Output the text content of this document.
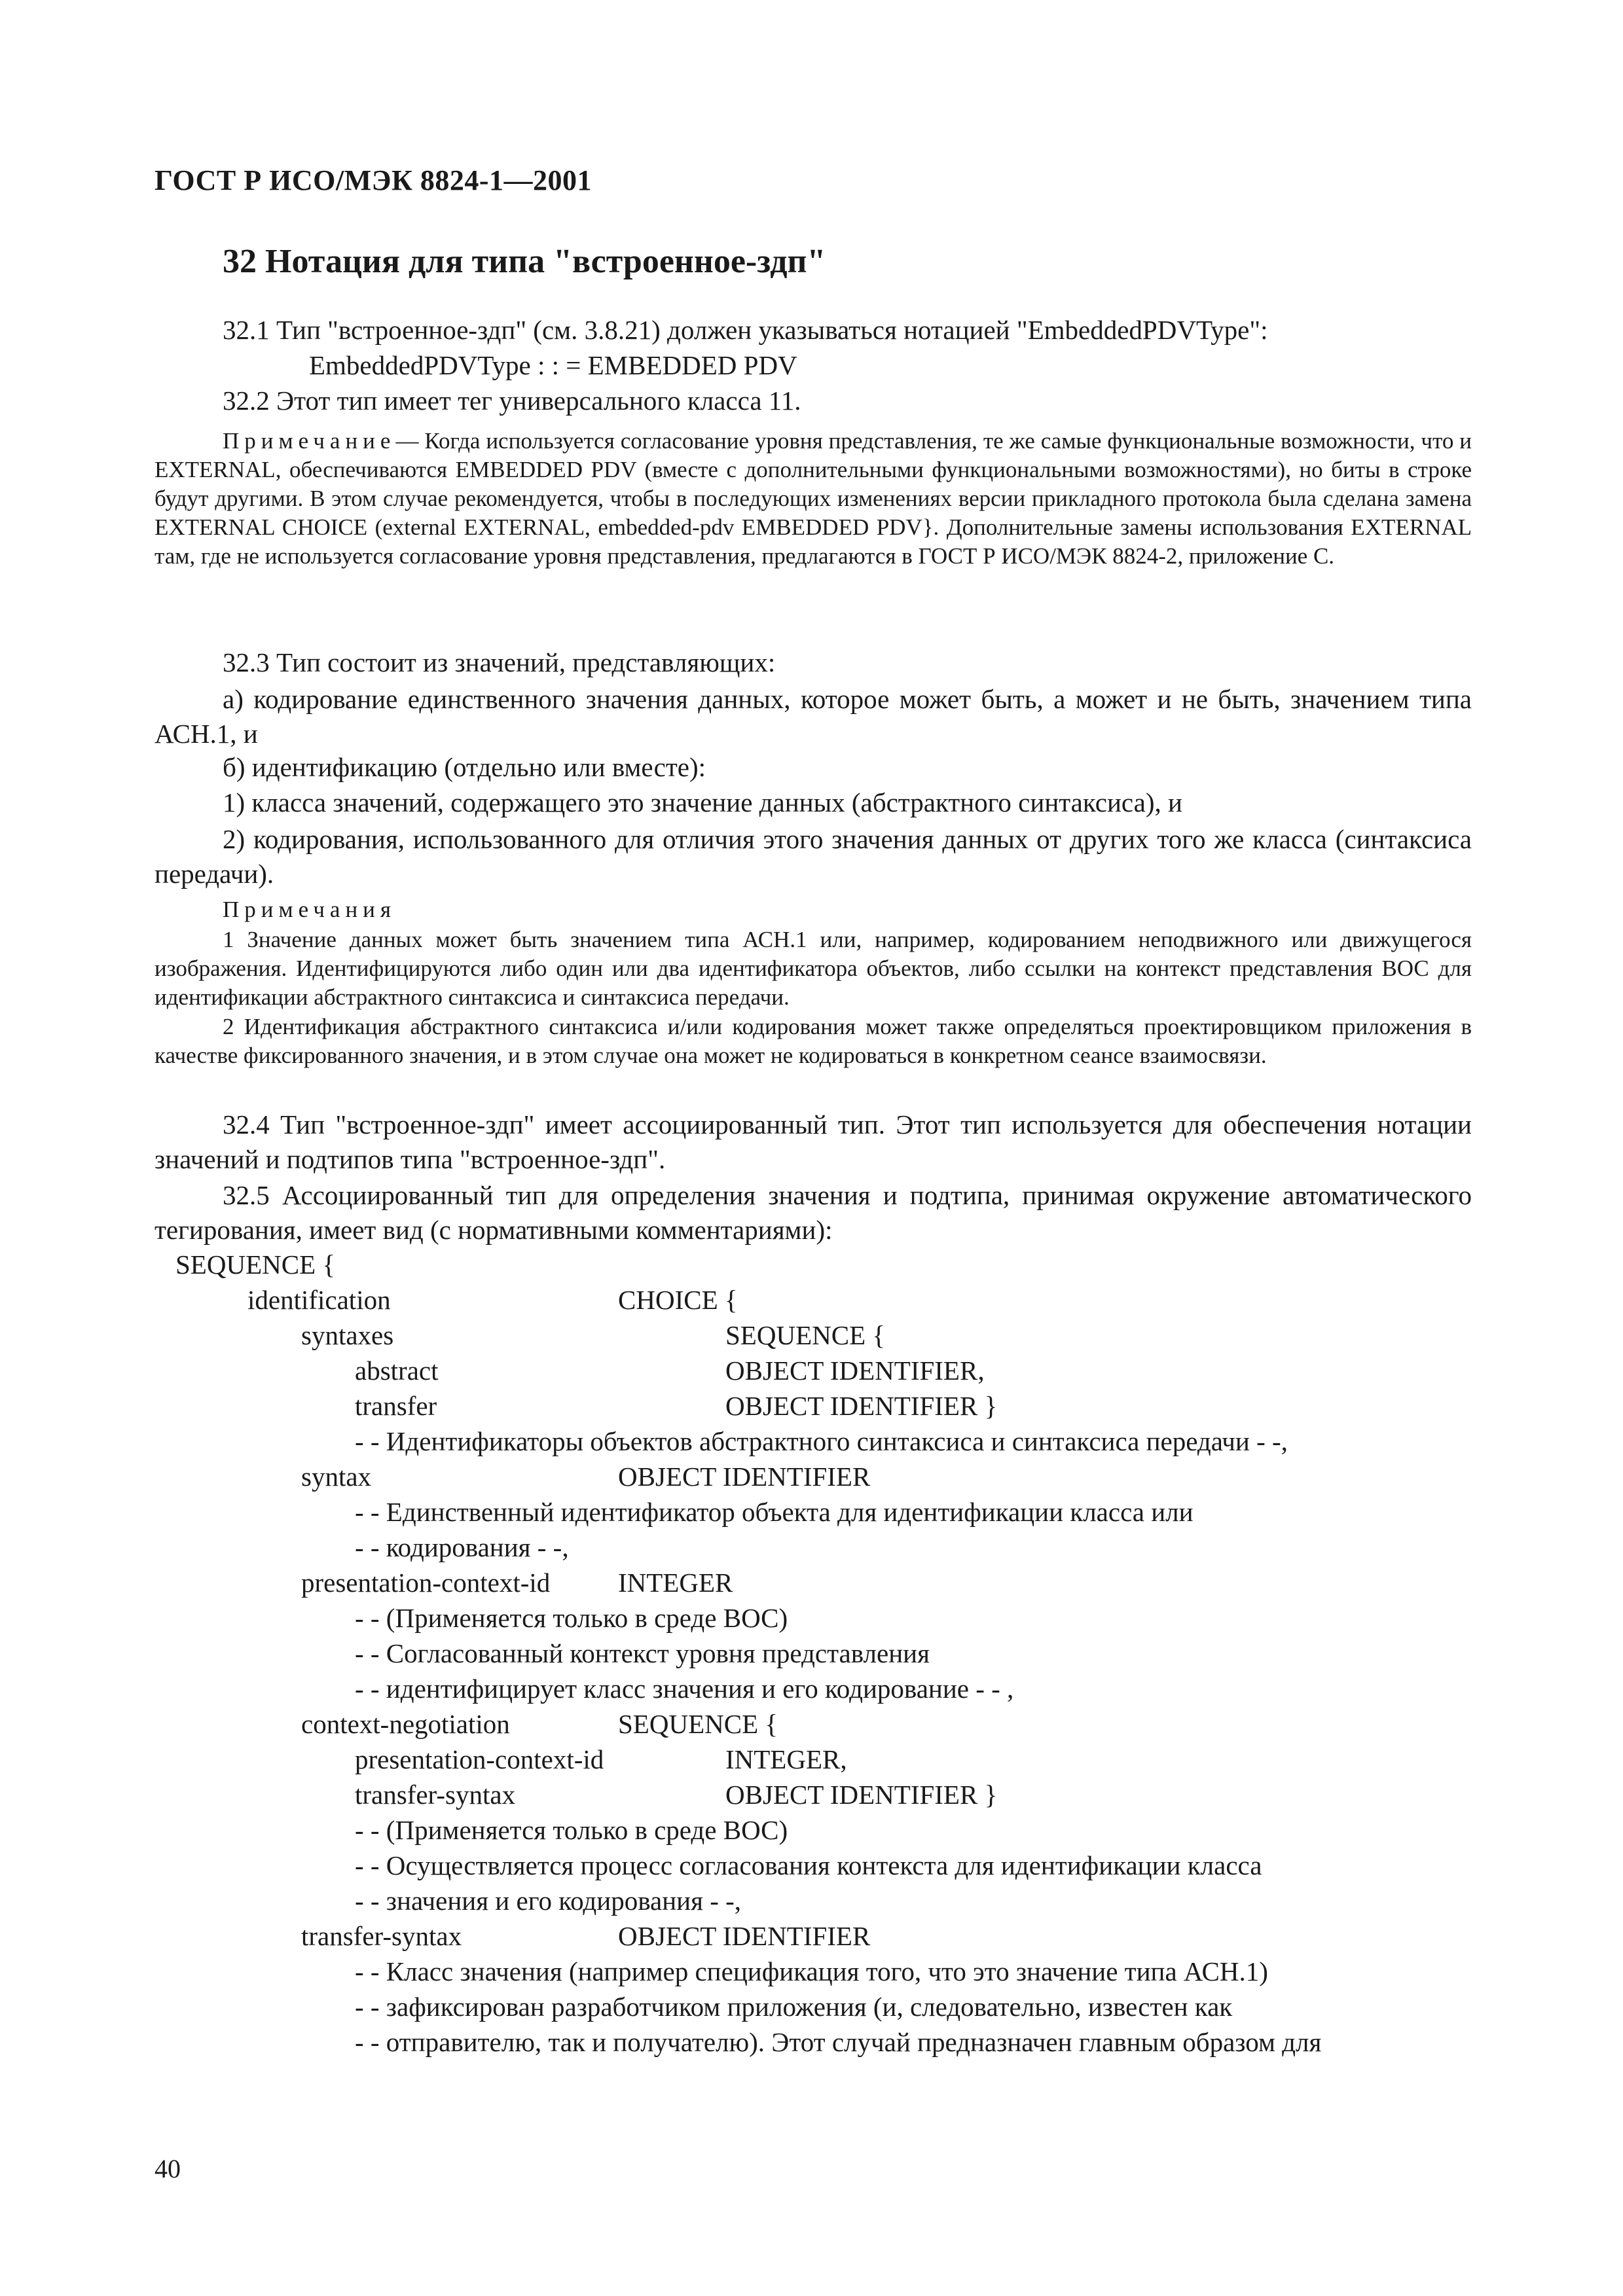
ГОСТ Р ИСО/МЭК 8824-1—2001
32 Нотация для типа "встроенное-здп"
32.1 Тип "встроенное-здп" (см. 3.8.21) должен указываться нотацией "EmbeddedPDVType":
EmbeddedPDVType : : = EMBEDDED PDV
32.2 Этот тип имеет тег универсального класса 11.

Примечание— Когда используется согласование уровня представления, те же самые функциональные возможности, что и EXTERNAL, обеспечиваются EMBEDDED PDV (вместе с дополнительными функциональными возможностями), но биты в строке будут другими. В этом случае рекомендуется, чтобы в последующих изменениях версии прикладного протокола была сделана замена EXTERNAL CHOICE (external EXTERNAL, embedded-pdv EMBEDDED PDV}. Дополнительные замены использования EXTERNAL там, где не используется согласование уровня представления, предлагаются в ГОСТ Р ИСО/МЭК 8824-2, приложение С.

32.3 Тип состоит из значений, представляющих:

а) кодирование единственного значения данных, которое может быть, а может и не быть, значением типа АСН.1, и

б) идентификацию (отдельно или вместе):
1) класса значений, содержащего это значение данных (абстрактного синтаксиса), и

2) кодирования, использованного для отличия этого значения данных от других того же класса (синтаксиса передачи).

Примечания

1 Значение данных может быть значением типа АСН.1 или, например, кодированием неподвижного или движущегося изображения. Идентифицируются либо один или два идентификатора объектов, либо ссылки на контекст представления ВОС для идентификации абстрактного синтаксиса и синтаксиса передачи.

2 Идентификация абстрактного синтаксиса и/или кодирования может также определяться проектировщиком приложения в качестве фиксированного значения, и в этом случае она может не кодироваться в конкретном сеансе взаимосвязи.

32.4 Тип "встроенное-здп" имеет ассоциированный тип. Этот тип используется для обеспечения нотации значений и подтипов типа "встроенное-здп".

32.5 Ассоциированный тип для определения значения и подтипа, принимая окружение автоматического тегирования, имеет вид (с нормативными комментариями):

SEQUENCE {
identification	CHOICE {
syntaxes	SEQUENCE {
abstract	OBJECT IDENTIFIER,
transfer	OBJECT IDENTIFIER }
- - Идентификаторы объектов абстрактного синтаксиса и синтаксиса передачи - -,
syntax	OBJECT IDENTIFIER
- - Единственный идентификатор объекта для идентификации класса или
- - кодирования - -,
presentation-context-id	INTEGER
- - (Применяется только в среде ВОС)
- - Согласованный контекст уровня представления
- - идентифицирует класс значения и его кодирование - - ,
context-negotiation	SEQUENCE {
presentation-context-id	INTEGER,
transfer-syntax	OBJECT IDENTIFIER }
- - (Применяется только в среде ВОС)
- - Осуществляется процесс согласования контекста для идентификации класса
- - значения и его кодирования - -,
transfer-syntax	OBJECT IDENTIFIER
- - Класс значения (например спецификация того, что это значение типа АСН.1)
- - зафиксирован разработчиком приложения (и, следовательно, известен как
- - отправителю, так и получателю). Этот случай предназначен главным образом для
40
